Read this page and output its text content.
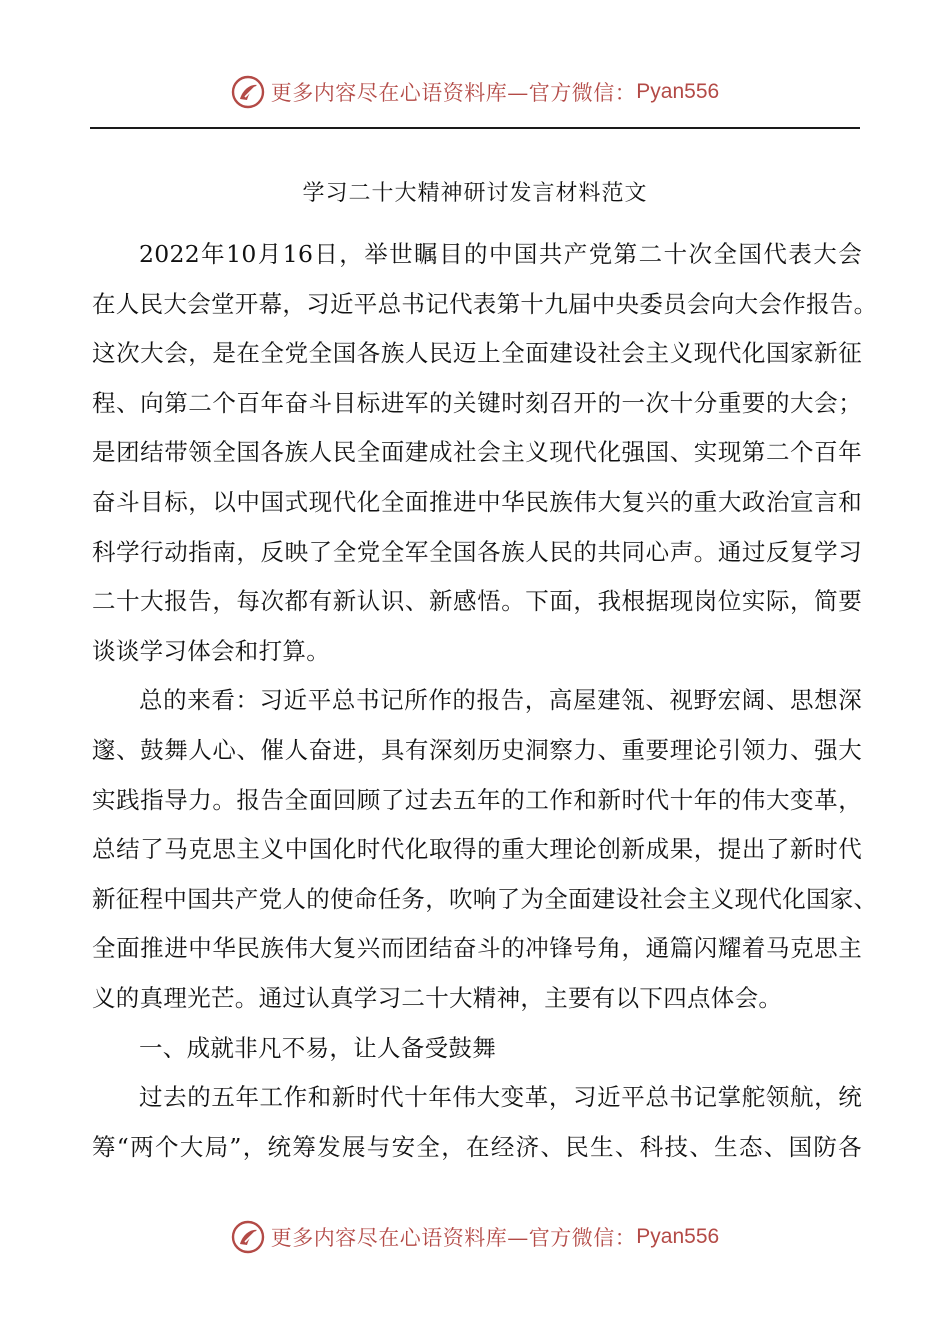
更多内容尽在心语资料库—官方微信： Pyan556
学习二十大精神研讨发言材料范文
2022年10月16日，举世瞩目的中国共产党第二十次全国代表大会
在人民大会堂开幕，习近平总书记代表第十九届中央委员会向大会作报告。
这次大会，是在全党全国各族人民迈上全面建设社会主义现代化国家新征
程、向第二个百年奋斗目标进军的关键时刻召开的一次十分重要的大会；
是团结带领全国各族人民全面建成社会主义现代化强国、实现第二个百年
奋斗目标，以中国式现代化全面推进中华民族伟大复兴的重大政治宣言和
科学行动指南，反映了全党全军全国各族人民的共同心声。通过反复学习
二十大报告，每次都有新认识、新感悟。下面，我根据现岗位实际，简要
谈谈学习体会和打算。
总的来看：习近平总书记所作的报告，高屋建瓴、视野宏阔、思想深
邃、鼓舞人心、催人奋进，具有深刻历史洞察力、重要理论引领力、强大
实践指导力。报告全面回顾了过去五年的工作和新时代十年的伟大变革，
总结了马克思主义中国化时代化取得的重大理论创新成果，提出了新时代
新征程中国共产党人的使命任务，吹响了为全面建设社会主义现代化国家、
全面推进中华民族伟大复兴而团结奋斗的冲锋号角，通篇闪耀着马克思主
义的真理光芒。通过认真学习二十大精神，主要有以下四点体会。
一、成就非凡不易，让人备受鼓舞
过去的五年工作和新时代十年伟大变革，习近平总书记掌舵领航，统
筹“两个大局”，统筹发展与安全，在经济、民生、科技、生态、国防各
更多内容尽在心语资料库—官方微信： Pyan556
